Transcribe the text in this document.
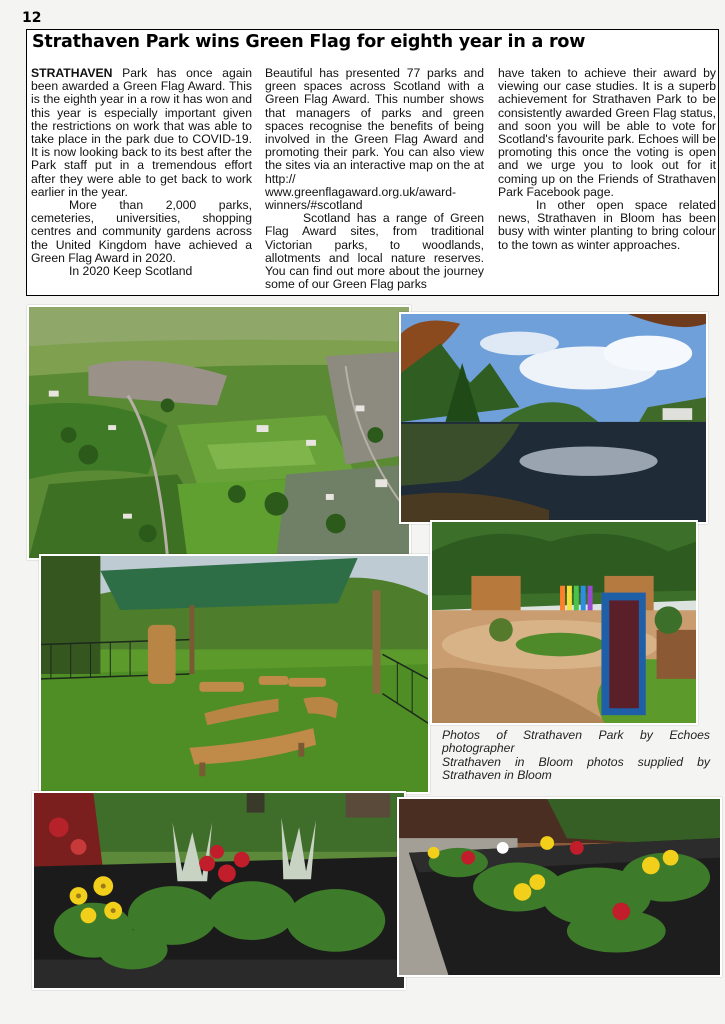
12
Strathaven Park wins Green Flag for eighth year in a row

STRATHAVEN Park has once again been awarded a Green Flag Award. This is the eighth year in a row it has won and this year is especially important given the restrictions on work that was able to take place in the park due to COVID-19. It is now looking back to its best after the Park staff put in a tremendous effort after they were able to get back to work earlier in the year.

More than 2,000 parks, cemeteries, universities, shopping centres and community gardens across the United Kingdom have achieved a Green Flag Award in 2020.

In 2020 Keep Scotland

Beautiful has presented 77 parks and green spaces across Scotland with a Green Flag Award. This number shows that managers of parks and green spaces recognise the benefits of being involved in the Green Flag Award and promoting their park. You can also view the sites via an interactive map on the at http:// www.greenflagaward.org.uk/award-winners/#scotland

Scotland has a range of Green Flag Award sites, from traditional Victorian parks, to woodlands, allotments and local nature reserves. You can find out more about the journey some of our Green Flag parks

have taken to achieve their award by viewing our case studies. It is a superb achievement for Strathaven Park to be consistently awarded Green Flag status, and soon you will be able to vote for Scotland's favourite park. Echoes will be promoting this once the voting is open and we urge you to look out for it coming up on the Friends of Strathaven Park Facebook page.

In other open space related news, Strathaven in Bloom has been busy with winter planting to bring colour to the town as winter approaches.

Photos of Strathaven Park by Echoes photographer

Strathaven in Bloom photos supplied by Strathaven in Bloom
